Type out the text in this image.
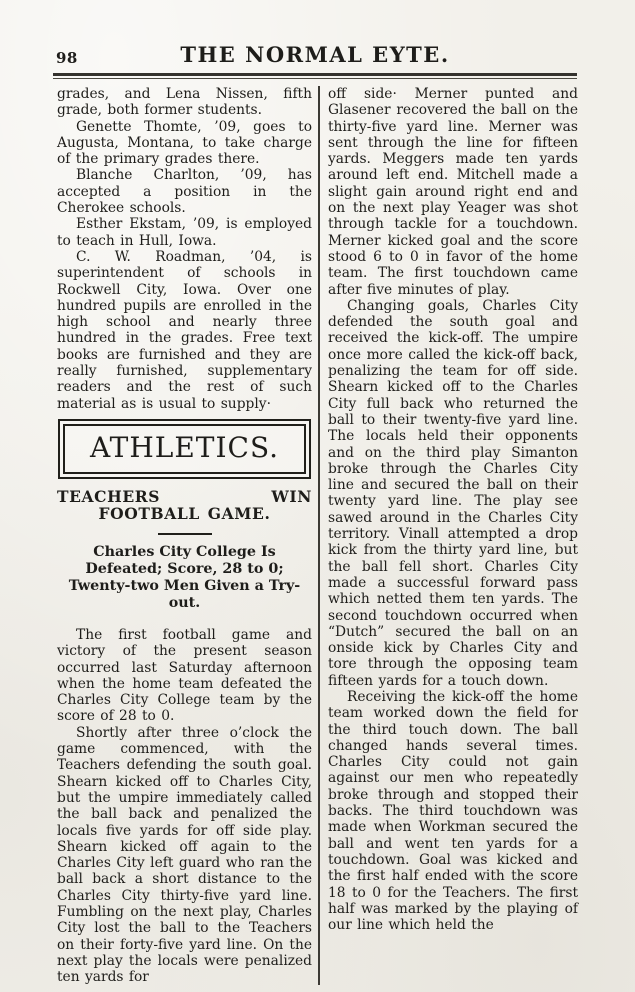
98	THE NORMAL EYTE.

grades, and Lena Nissen, fifth grade, both former students.

Genette Thomte, ’09, goes to Augusta, Montana, to take charge of the primary grades there.

Blanche Charlton, ’09, has accepted a position in the Cherokee schools.

Esther Ekstam, ’09, is employed to teach in Hull, Iowa.

C. W. Roadman, ’04, is superintendent of schools in Rockwell City, Iowa. Over one hundred pupils are enrolled in the high school and nearly three hundred in the grades. Free text books are furnished and they are really furnished, supplementary readers and the rest of such material as is usual to supply·

ATHLETICS.
TEACHERS WIN FOOTBALL GAME.
Charles City College Is Defeated; Score, 28 to 0; Twenty-two Men Given a Try-out.

The first football game and victory of the present season occurred last Saturday afternoon when the home team defeated the Charles City College team by the score of 28 to 0.

Shortly after three o’clock the game commenced, with the Teachers defending the south goal. Shearn kicked off to Charles City, but the umpire immediately called the ball back and penalized the locals five yards for off side play. Shearn kicked off again to the Charles City left guard who ran the ball back a short distance to the Charles City thirty-five yard line. Fumbling on the next play, Charles City lost the ball to the Teachers on their forty-five yard line. On the next play the locals were penalized ten yards for

off side· Merner punted and Glasener recovered the ball on the thirty-five yard line. Merner was sent through the line for fifteen yards. Meggers made ten yards around left end. Mitchell made a slight gain around right end and on the next play Yeager was shot through tackle for a touchdown. Merner kicked goal and the score stood 6 to 0 in favor of the home team. The first touchdown came after five minutes of play.

Changing goals, Charles City defended the south goal and received the kick-off. The umpire once more called the kick-off back, penalizing the team for off side. Shearn kicked off to the Charles City full back who returned the ball to their twenty-five yard line. The locals held their opponents and on the third play Simanton broke through the Charles City line and secured the ball on their twenty yard line. The play see sawed around in the Charles City territory. Vinall attempted a drop kick from the thirty yard line, but the ball fell short. Charles City made a successful forward pass which netted them ten yards. The second touchdown occurred when “Dutch” secured the ball on an onside kick by Charles City and tore through the opposing team fifteen yards for a touch down.

Receiving the kick-off the home team worked down the field for the third touch down. The ball changed hands several times. Charles City could not gain against our men who repeatedly broke through and stopped their backs. The third touchdown was made when Workman secured the ball and went ten yards for a touchdown. Goal was kicked and the first half ended with the score 18 to 0 for the Teachers. The first half was marked by the playing of our line which held the
